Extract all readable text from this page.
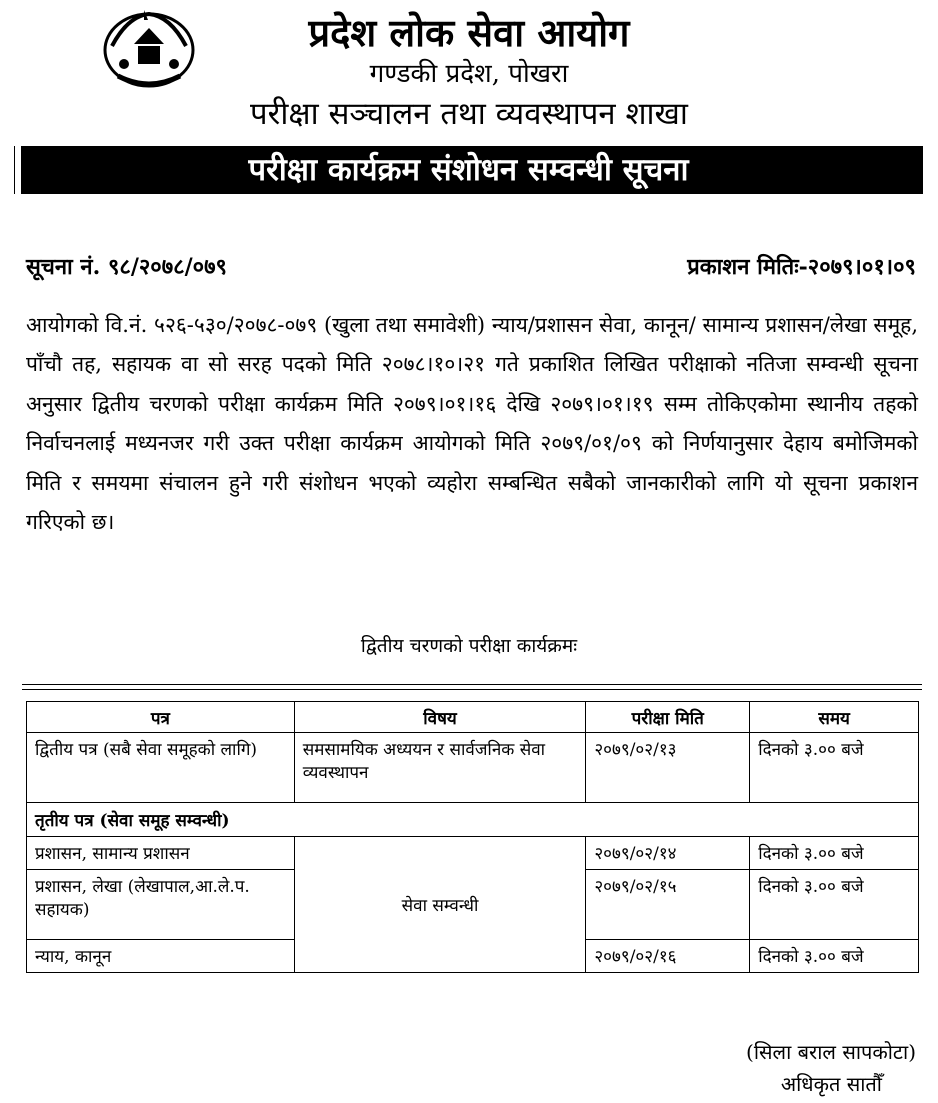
प्रदेश लोक सेवा आयोग
गण्डकी प्रदेश, पोखरा
परीक्षा सञ्चालन तथा व्यवस्थापन शाखा
परीक्षा कार्यक्रम संशोधन सम्वन्धी सूचना
सूचना नं. ९८/२०७८/०७९	प्रकाशन मितिः-२०७९।०१।०९
आयोगको वि.नं. ५२६-५३०/२०७८-०७९ (खुला तथा समावेशी) न्याय/प्रशासन सेवा, कानून/ सामान्य प्रशासन/लेखा समूह, पाँचौ तह, सहायक वा सो सरह पदको मिति २०७८।१०।२१ गते प्रकाशित लिखित परीक्षाको नतिजा सम्वन्धी सूचना अनुसार द्वितीय चरणको परीक्षा कार्यक्रम मिति २०७९।०१।१६ देखि २०७९।०१।१९ सम्म तोकिएकोमा स्थानीय तहको निर्वाचनलाई मध्यनजर गरी उक्त परीक्षा कार्यक्रम आयोगको मिति २०७९/०१/०९ को निर्णयानुसार देहाय बमोजिमको मिति र समयमा संचालन हुने गरी संशोधन भएको व्यहोरा सम्बन्धित सबैको जानकारीको लागि यो सूचना प्रकाशन गरिएको छ।
द्वितीय चरणको परीक्षा कार्यक्रमः
पत्र	विषय	परीक्षा मिति	समय
द्वितीय पत्र (सबै सेवा समूहको लागि)	समसामयिक अध्ययन र सार्वजनिक सेवा व्यवस्थापन	२०७९/०२/१३	दिनको ३.०० बजे
तृतीय पत्र (सेवा समूह सम्वन्धी)			
प्रशासन, सामान्य प्रशासन	सेवा सम्वन्धी	२०७९/०२/१४	दिनको ३.०० बजे
प्रशासन, लेखा (लेखापाल,आ.ले.प. सहायक)		२०७९/०२/१५	दिनको ३.०० बजे
न्याय, कानून		२०७९/०२/१६	दिनको ३.०० बजे
(सिला बराल सापकोटा)
अधिकृत सातौँ
